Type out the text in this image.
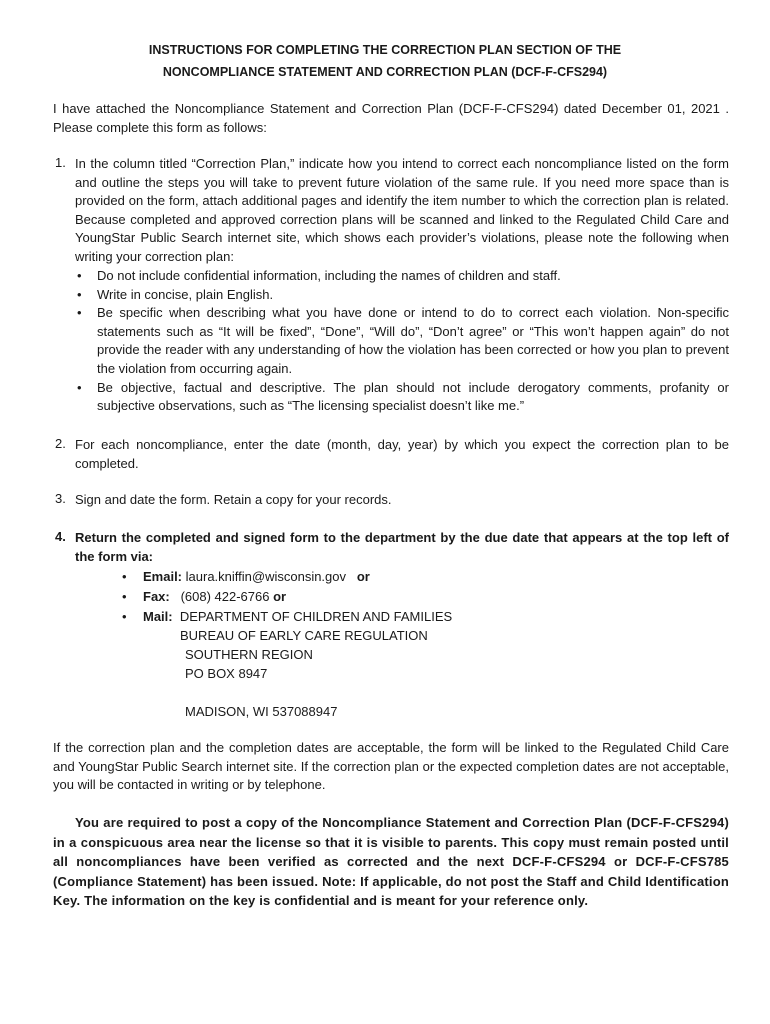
INSTRUCTIONS FOR COMPLETING THE CORRECTION PLAN SECTION OF THE
NONCOMPLIANCE STATEMENT AND CORRECTION PLAN (DCF-F-CFS294)
I have attached the Noncompliance Statement and Correction Plan (DCF-F-CFS294) dated December 01, 2021 . Please complete this form as follows:
1. In the column titled “Correction Plan,” indicate how you intend to correct each noncompliance listed on the form and outline the steps you will take to prevent future violation of the same rule. If you need more space than is provided on the form, attach additional pages and identify the item number to which the correction plan is related. Because completed and approved correction plans will be scanned and linked to the Regulated Child Care and YoungStar Public Search internet site, which shows each provider’s violations, please note the following when writing your correction plan:
• Do not include confidential information, including the names of children and staff.
• Write in concise, plain English.
• Be specific when describing what you have done or intend to do to correct each violation. Non-specific statements such as “It will be fixed”, “Done”, “Will do”, “Don’t agree” or “This won’t happen again” do not provide the reader with any understanding of how the violation has been corrected or how you plan to prevent the violation from occurring again.
• Be objective, factual and descriptive. The plan should not include derogatory comments, profanity or subjective observations, such as “The licensing specialist doesn’t like me.”
2. For each noncompliance, enter the date (month, day, year) by which you expect the correction plan to be completed.
3. Sign and date the form. Retain a copy for your records.
4. Return the completed and signed form to the department by the due date that appears at the top left of the form via:
• Email: laura.kniffin@wisconsin.gov or
• Fax: (608) 422-6766 or
• Mail: DEPARTMENT OF CHILDREN AND FAMILIES
BUREAU OF EARLY CARE REGULATION
SOUTHERN REGION
PO BOX 8947
MADISON, WI 537088947
If the correction plan and the completion dates are acceptable, the form will be linked to the Regulated Child Care and YoungStar Public Search internet site. If the correction plan or the expected completion dates are not acceptable, you will be contacted in writing or by telephone.
You are required to post a copy of the Noncompliance Statement and Correction Plan (DCF-F-CFS294) in a conspicuous area near the license so that it is visible to parents. This copy must remain posted until all noncompliances have been verified as corrected and the next DCF-F-CFS294 or DCF-F-CFS785 (Compliance Statement) has been issued. Note: If applicable, do not post the Staff and Child Identification Key. The information on the key is confidential and is meant for your reference only.
